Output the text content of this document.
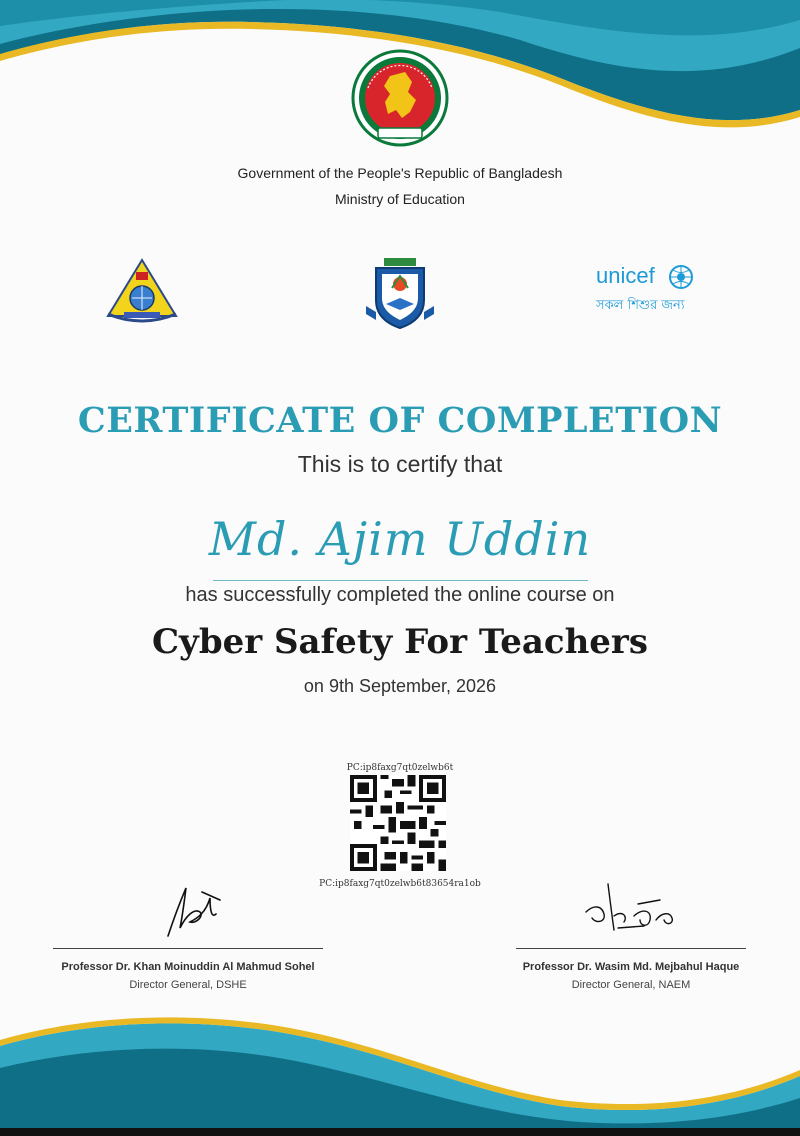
Government of the People's Republic of Bangladesh
Ministry of Education
unicef
সকল শিশুর জন্য
CERTIFICATE OF COMPLETION
This is to certify that
Md. Ajim Uddin
has successfully completed the online course on
Cyber Safety For Teachers
on 9th September, 2026
PC:ip8faxg7qt0zelwb6t
PC:ip8faxg7qt0zelwb6t83654ra1ob
Professor Dr. Khan Moinuddin Al Mahmud Sohel
Director General, DSHE
Professor Dr. Wasim Md. Mejbahul Haque
Director General, NAEM
